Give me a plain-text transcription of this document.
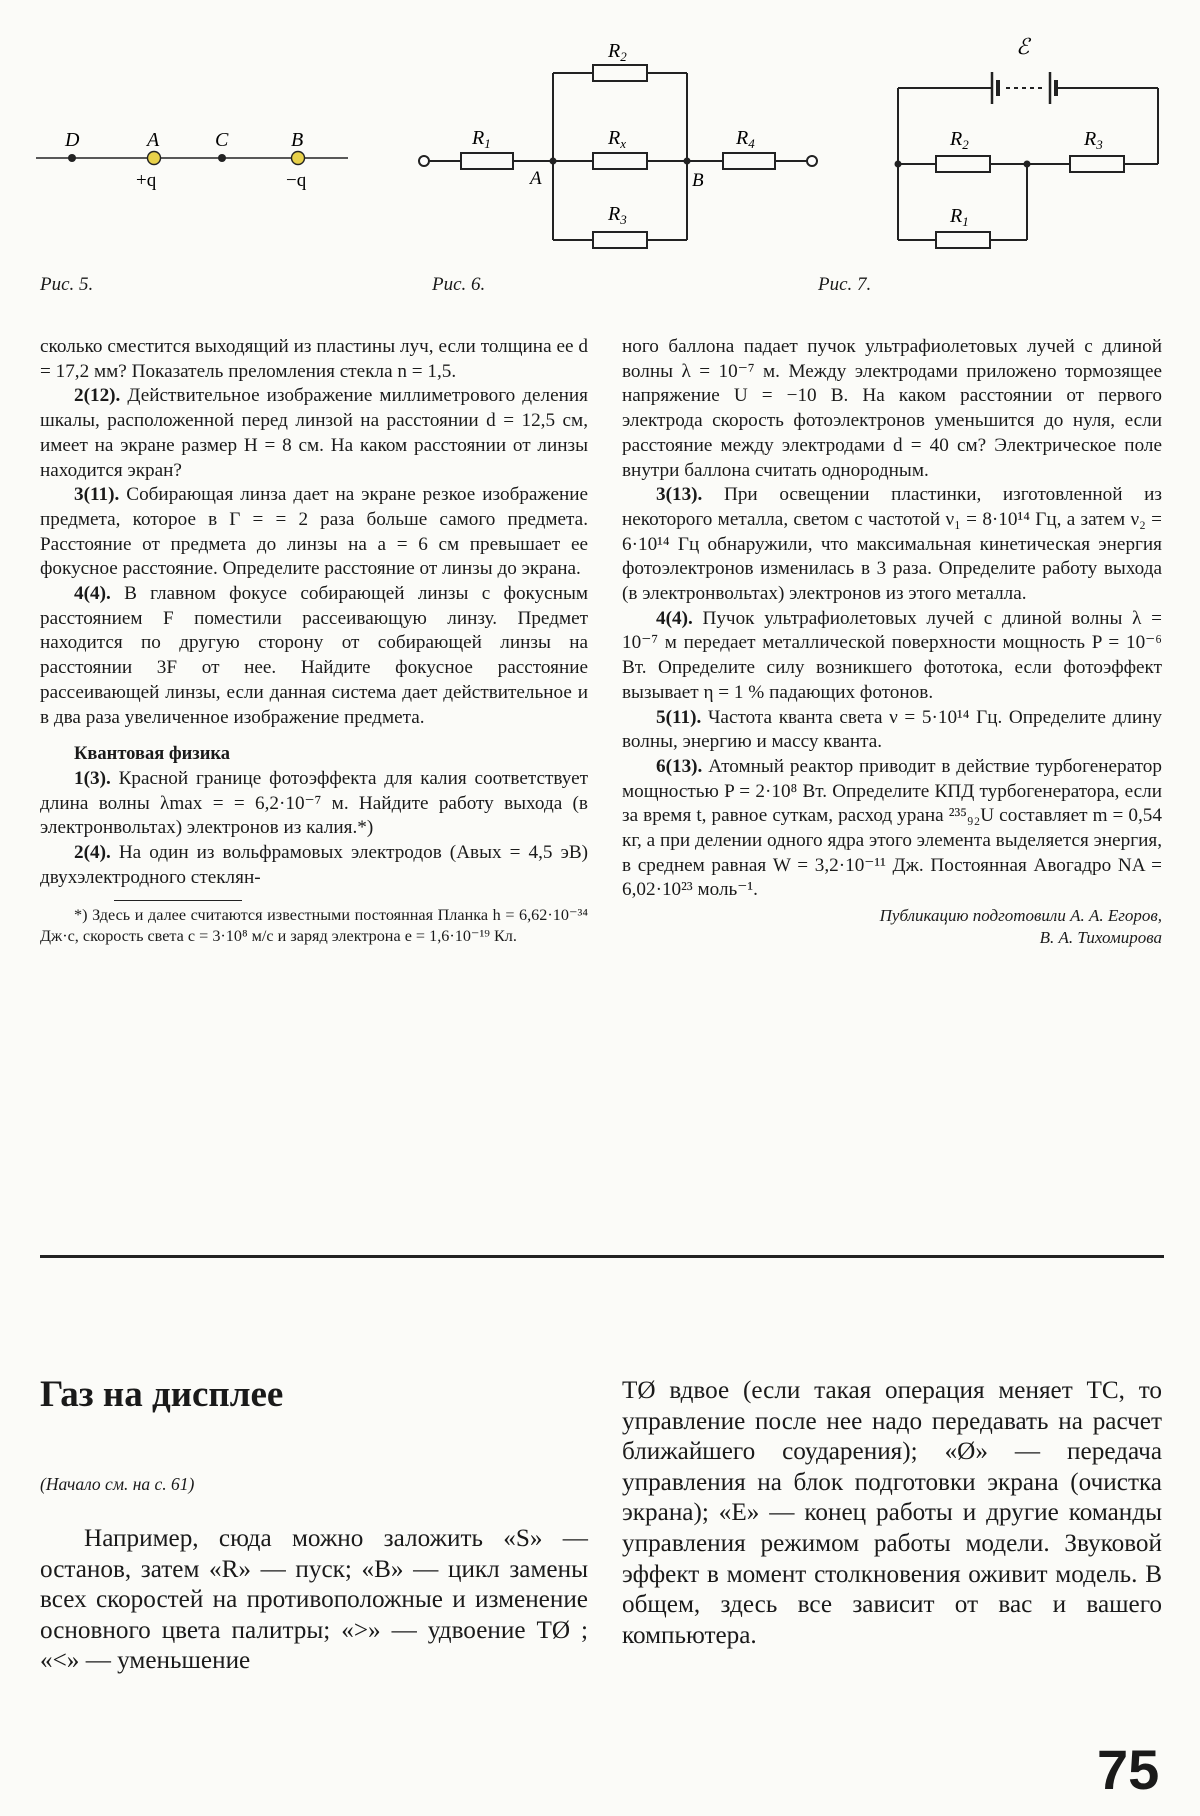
D	A	C	B
+q	−q
Рис. 5.
$R_1$
$R_2$
$R_x$
$R_3$
$R_4$
A	B
Рис. 6.
ℰ
$R_2$	$R_3$
$R_1$
Рис. 7.

сколько сместится выходящий из пластины луч, если толщина ее d = 17,2 мм? Показатель преломления стекла n = 1,5.

2(12). Действительное изображение миллиметрового деления шкалы, расположенной перед линзой на расстоянии d = 12,5 см, имеет на экране размер H = 8 см. На каком расстоянии от линзы находится экран?

3(11). Собирающая линза дает на экране резкое изображение предмета, которое в Г = = 2 раза больше самого предмета. Расстояние от предмета до линзы на a = 6 см превышает ее фокусное расстояние. Определите расстояние от линзы до экрана.

4(4). В главном фокусе собирающей линзы с фокусным расстоянием F поместили рассеивающую линзу. Предмет находится по другую сторону от собирающей линзы на расстоянии 3F от нее. Найдите фокусное расстояние рассеивающей линзы, если данная система дает действительное и в два раза увеличенное изображение предмета.

Квантовая физика

1(3). Красной границе фотоэффекта для калия соответствует длина волны λmax = = 6,2·10⁻⁷ м. Найдите работу выхода (в электронвольтах) электронов из калия.*)

2(4). На один из вольфрамовых электродов (Aвых = 4,5 эВ) двухэлектродного стеклян-

*) Здесь и далее считаются известными постоянная Планка h = 6,62·10⁻³⁴ Дж·с, скорость света c = 3·10⁸ м/с и заряд электрона e = 1,6·10⁻¹⁹ Кл.

ного баллона падает пучок ультрафиолетовых лучей с длиной волны λ = 10⁻⁷ м. Между электродами приложено тормозящее напряжение U = −10 В. На каком расстоянии от первого электрода скорость фотоэлектронов уменьшится до нуля, если расстояние между электродами d = 40 см? Электрическое поле внутри баллона считать однородным.

3(13). При освещении пластинки, изготовленной из некоторого металла, светом с частотой ν₁ = 8·10¹⁴ Гц, а затем ν₂ = 6·10¹⁴ Гц обнаружили, что максимальная кинетическая энергия фотоэлектронов изменилась в 3 раза. Определите работу выхода (в электронвольтах) электронов из этого металла.

4(4). Пучок ультрафиолетовых лучей с длиной волны λ = 10⁻⁷ м передает металлической поверхности мощность P = 10⁻⁶ Вт. Определите силу возникшего фототока, если фотоэффект вызывает η = 1 % падающих фотонов.

5(11). Частота кванта света ν = 5·10¹⁴ Гц. Определите длину волны, энергию и массу кванта.

6(13). Атомный реактор приводит в действие турбогенератор мощностью P = 2·10⁸ Вт. Определите КПД турбогенератора, если за время t, равное суткам, расход урана ²³⁵₉₂U составляет m = 0,54 кг, а при делении одного ядра этого элемента выделяется энергия, в среднем равная W = 3,2·10⁻¹¹ Дж. Постоянная Авогадро NA = 6,02·10²³ моль⁻¹.

Публикацию подготовили А. А. Егоров,
В. А. Тихомирова
Газ на дисплее
(Начало см. на с. 61)

Например, сюда можно заложить «S» — останов, затем «R» — пуск; «B» — цикл замены всех скоростей на противоположные и изменение основного цвета палитры; «>» — удвоение TØ ; «<» — уменьшение

TØ вдвое (если такая операция меняет ТС, то управление после нее надо передавать на расчет ближайшего соударения); «Ø» — передача управления на блок подготовки экрана (очистка экрана); «E» — конец работы и другие команды управления режимом работы модели. Звуковой эффект в момент столкновения оживит модель. В общем, здесь все зависит от вас и вашего компьютера.

75
